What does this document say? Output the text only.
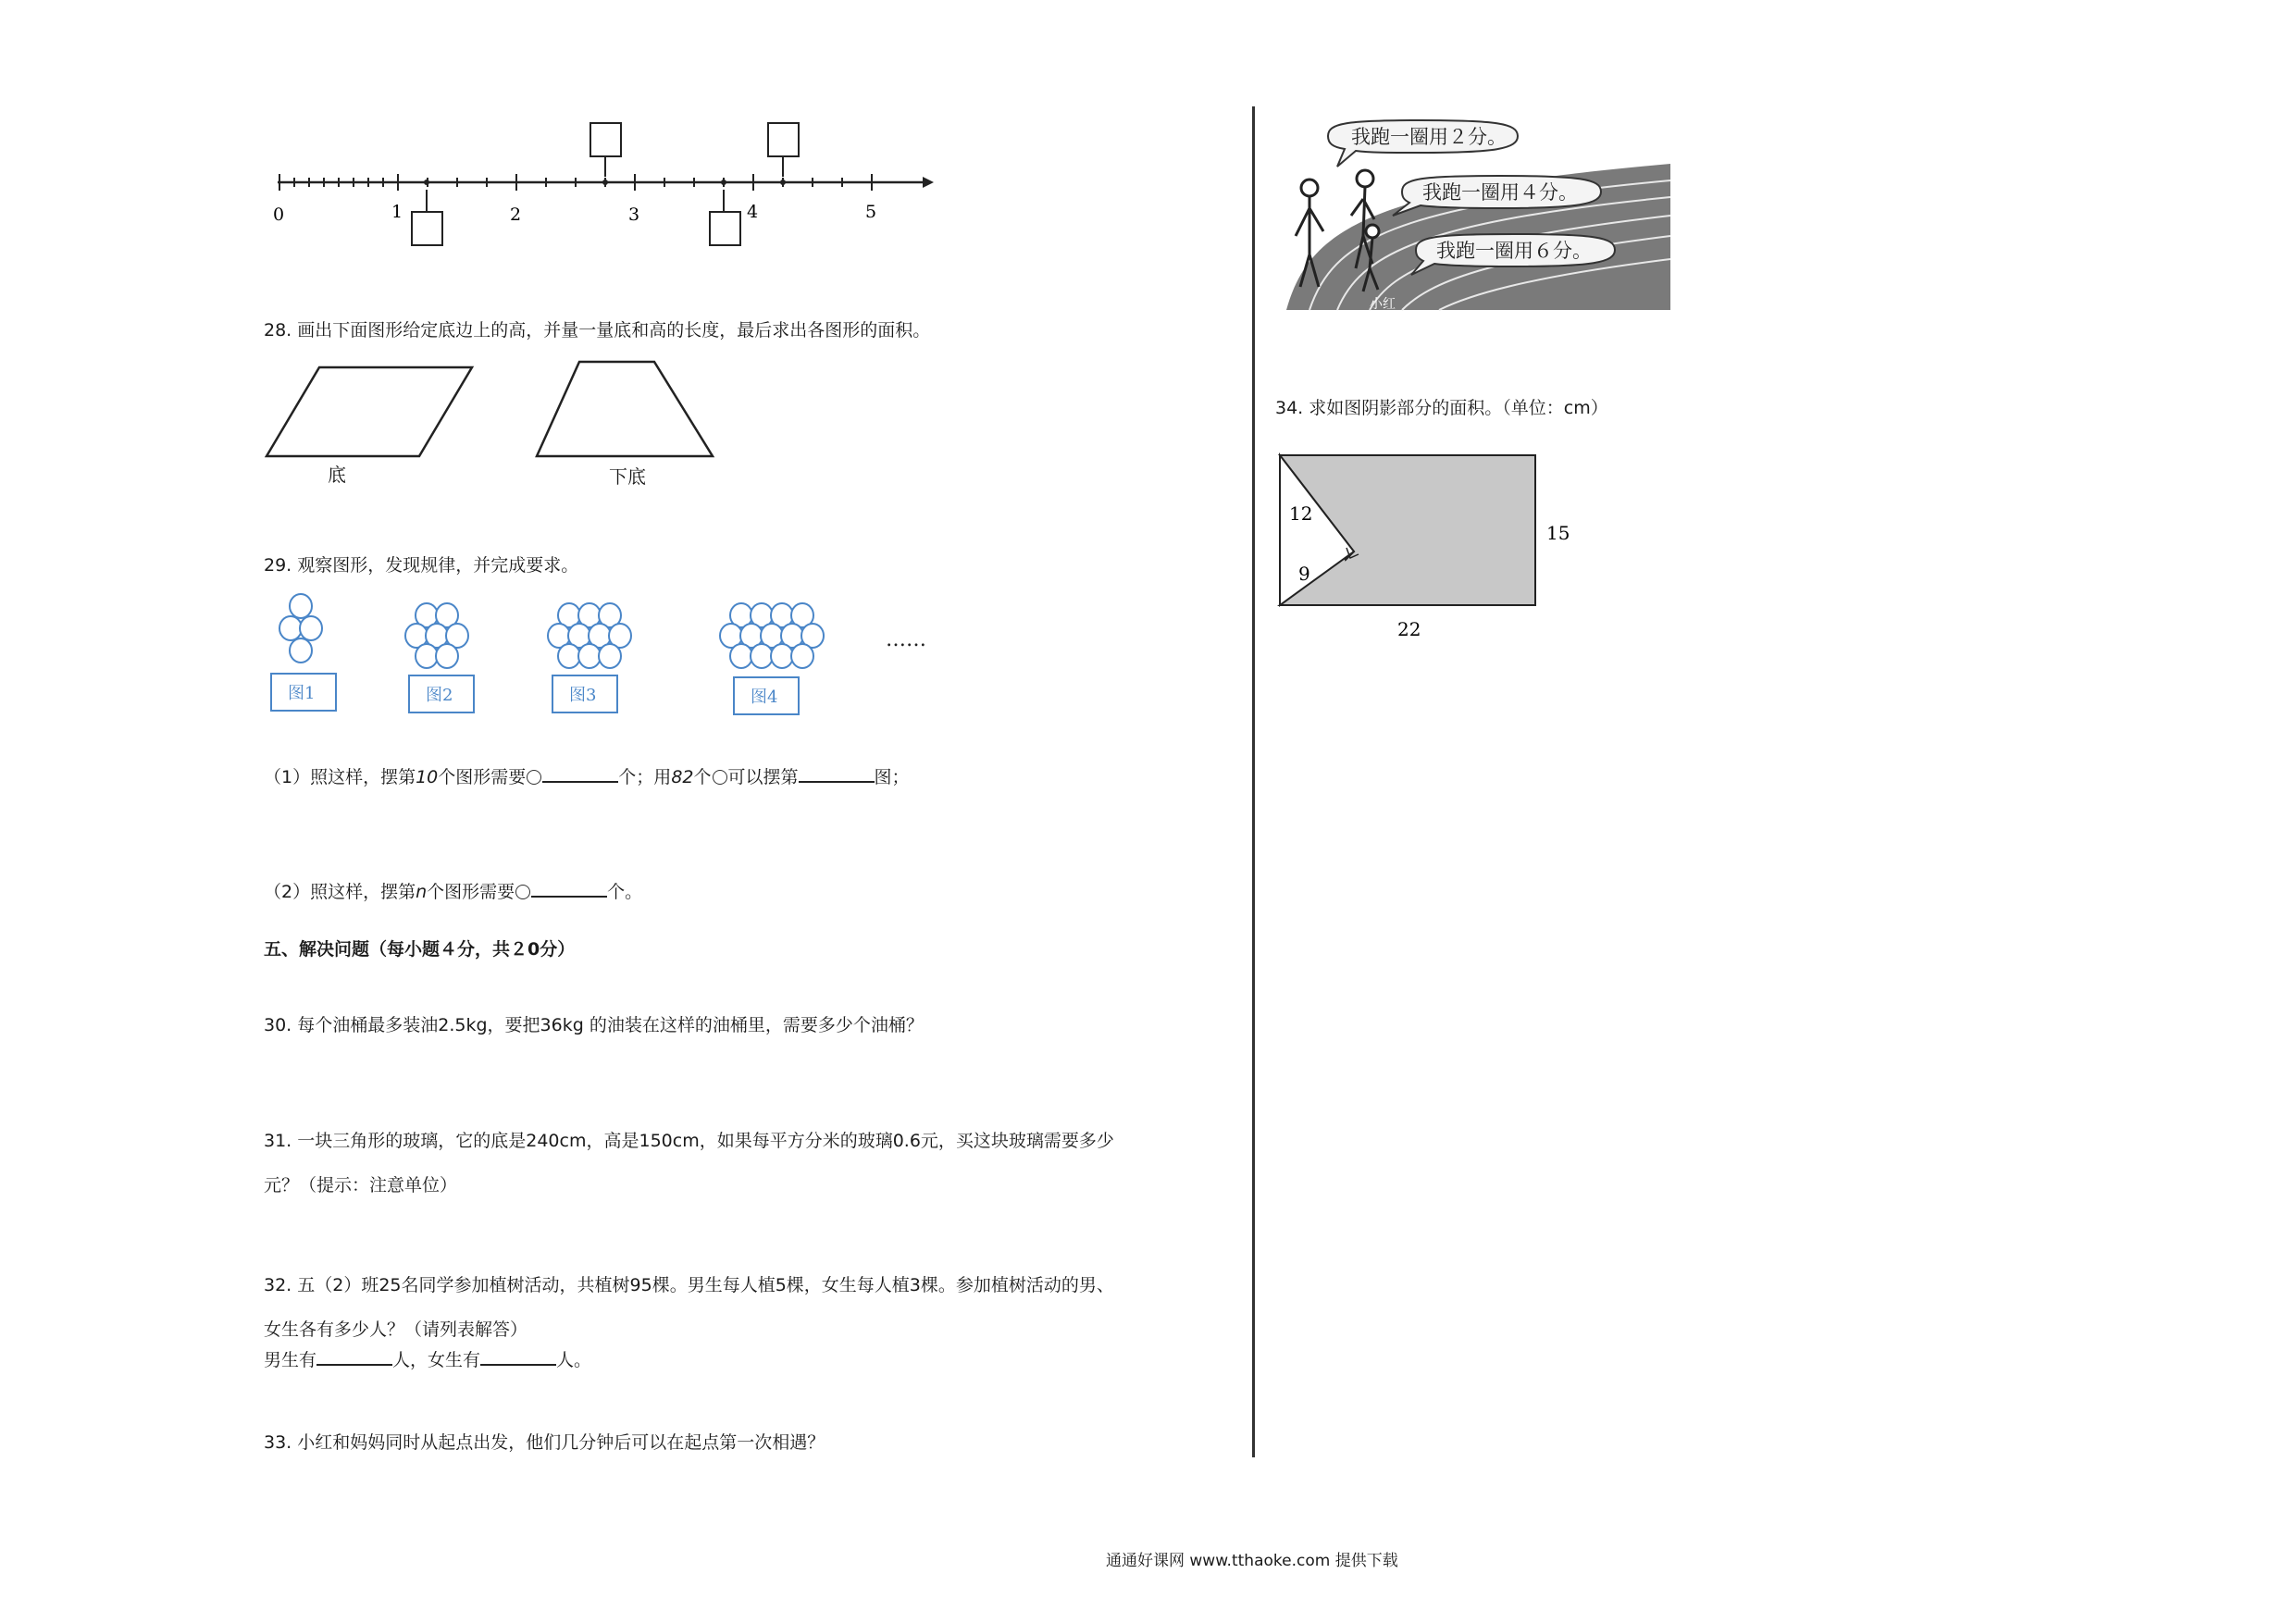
0	1	2	3	4	5
28. 画出下面图形给定底边上的高，并量一量底和高的长度，最后求出各图形的面积。
底	下底
29. 观察图形，发现规律，并完成要求。
图1	图2	图3	图4
……
（1）照这样，摆第10个图形需要	个；用82个 可以摆第	图；
（2）照这样，摆第n个图形需要	个。
五、解决问题（每小题４分，共２0分）
30. 每个油桶最多装油2.5kg，要把36kg 的油装在这样的油桶里，需要多少个油桶？
31. 一块三角形的玻璃，它的底是240cm，高是150cm，如果每平方分米的玻璃0.6元，买这块玻璃需要多少
元？（提示：注意单位）
32. 五（2）班25名同学参加植树活动，共植树95棵。男生每人植5棵，女生每人植3棵。参加植树活动的男、
女生各有多少人？（请列表解答）
男生有	人，女生有	人。
33. 小红和妈妈同时从起点出发，他们几分钟后可以在起点第一次相遇？
我跑一圈用２分。
我跑一圈用４分。
我跑一圈用６分。
小红
34. 求如图阴影部分的面积。（单位：cm）
12
9
15
22
通通好课网 www.tthaoke.com 提供下载
